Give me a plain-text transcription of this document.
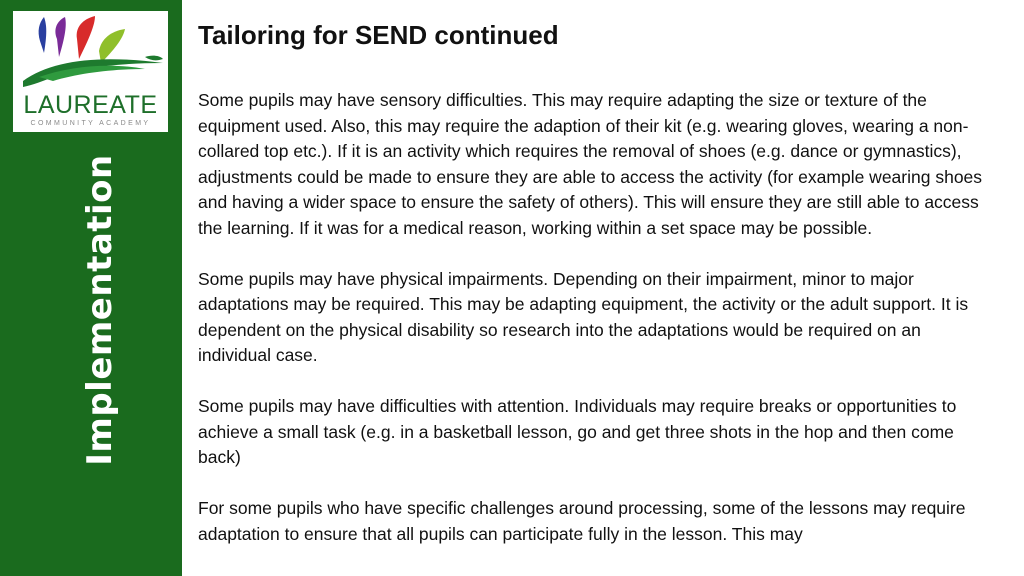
LAUREATE
COMMUNITY ACADEMY
Implementation
Tailoring for SEND continued

Some pupils may have sensory difficulties. This may require adapting the size or texture of the equipment used. Also, this may require the adaption of their kit (e.g. wearing gloves, wearing a non-collared top etc.). If it is an activity which requires the removal of shoes (e.g. dance or gymnastics), adjustments could be made to ensure they are able to access the activity (for example wearing shoes and having a wider space to ensure the safety of others). This will ensure they are still able to access the learning. If it was for a medical reason, working within a set space may be possible.

Some pupils may have physical impairments. Depending on their impairment, minor to major adaptations may be required. This may be adapting equipment, the activity or the adult support. It is dependent on the physical disability so research into the adaptations would be required on an individual case.

Some pupils may have difficulties with attention. Individuals may require breaks or opportunities to achieve a small task (e.g. in a basketball lesson, go and get three shots in the hop and then come back)

For some pupils who have specific challenges around processing, some of the lessons may require adaptation to ensure that all pupils can participate fully in the lesson. This may
